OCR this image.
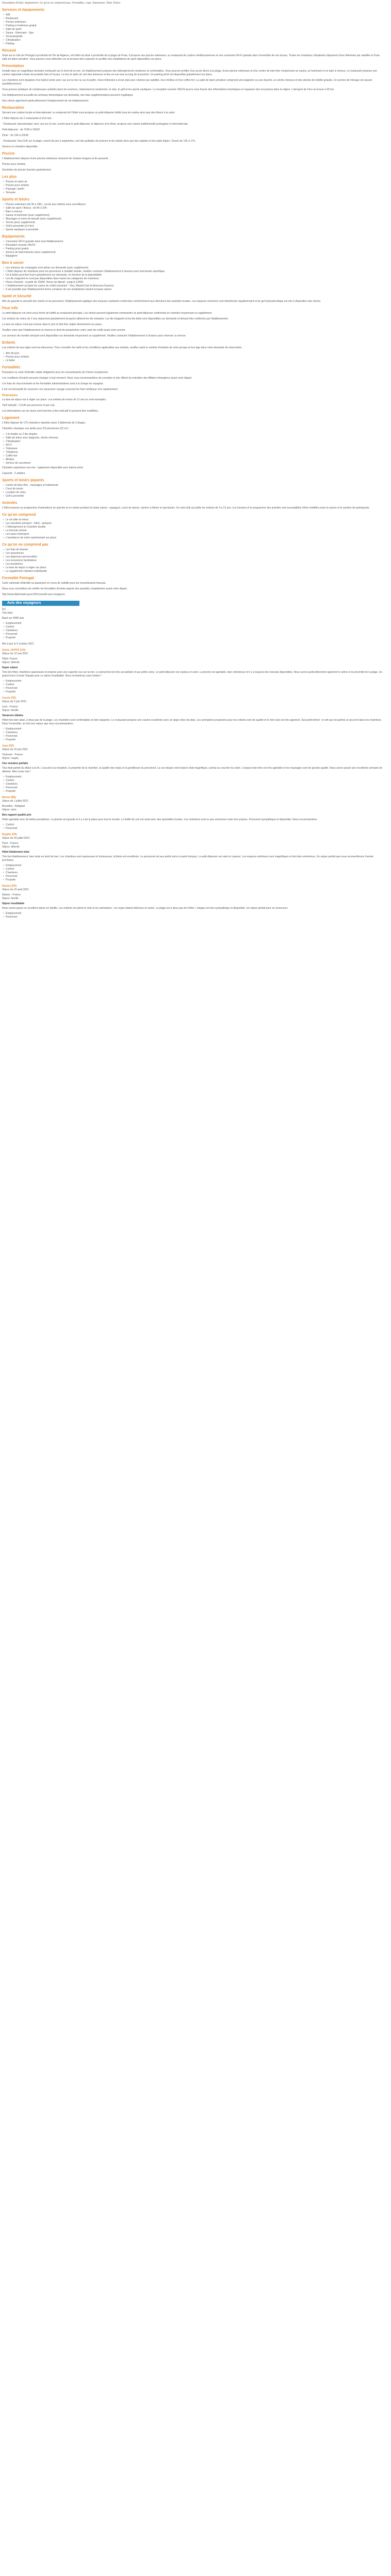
Description d'hotel, équipement, Ce qu'on ne comprend pas, Formalités, Logo, Impression, Note: Entrer
Services et équipements
• Wifi
• Restaurant
• Piscine extérieure
• Parking à l'extérieur gratuit
• Salle de sport
• Sauna - Hammam - Spa
• Terrasse/jardin
• Climatisation
• Parking
Résumé

Situé sur la côte de Portugal à proximité de l'île de Algarve, cet hôtel est situé à proximité de la plage de Praia. Il propose une piscine extérieure, un restaurant de cuisine méditerranéenne et une connexion Wi-Fi gratuite dans l'ensemble de ses locaux. Toutes les chambres climatisées disposent d'une télévision par satellite et d'une salle de bains privative. Vous pourrez vous détendre sur la terrasse bien exposée ou profiter des installations de sport disponibles sur place.

Présentation

Installé dans un magnifique domaine verdoyant sur le bord de la mer, cet établissement propose des hébergements modernes et confortables. Vous pourrez profiter d'un accès direct à la plage, d'une piscine extérieure et d'un centre de bien-être comprenant un sauna, un hammam et un bain à remous. Le restaurant propose une cuisine régionale à base de produits frais et locaux. Le bar en plein air sert des boissons et des en-cas tout au long de la journée. Un parking privé est disponible gratuitement sur place.

Les chambres sont équipées d'un balcon privé avec vue sur la mer ou sur le jardin, d'une télévision à écran plat avec chaînes par satellite, d'un minibar et d'un coffre-fort. La salle de bains privative comprend une baignoire ou une douche, un sèche-cheveux et des articles de toilette gratuits. Un service de ménage est assuré quotidiennement.

Vous pourrez pratiquer de nombreuses activités dans les environs, notamment la randonnée, le vélo, le golf et les sports nautiques. La réception ouverte 24h/24 pourra vous fournir des informations touristiques et organiser des excursions dans la région. L'aéroport de Faro se trouve à 45 km.

Cet établissement accueille les animaux domestiques sur demande, des frais supplémentaires peuvent s'appliquer.

Nos clients apprécient particulièrement l'emplacement de cet établissement.

Restauration

Servant une cuisine locale et internationale, le restaurant de l'hôtel vous propose un petit-déjeuner buffet tous les matins ainsi que des dîners à la carte.

L'hôtel dispose de 2 restaurants et d'un bar :

- Restaurant 'panoramique' avec vue sur la mer, ouvert pour le petit-déjeuner, le déjeuner et le dîner, propose une cuisine traditionnelle portugaise et internationale.

Petit-déjeuner : de 7h30 à 10h30

Dîner : de 19h à 22h30

- Restaurant 'Sea Grill' sur la plage, ouvert de juin à septembre, sert des grillades de poisson et de viande ainsi que des salades et des plats légers. Ouvert de 12h à 17h.

Service en chambre disponible.

Piscine

L'établissement dispose d'une piscine extérieure entourée de chaises longues et de parasols.

Piscine pour enfants.

Serviettes de piscine fournies gratuitement.

Les plus
• Piscine en plein air
• Piscine pour enfants
• Paysage / jardin
• Terrasse
Sports et loisirs
• Piscine extérieure (de 9h à 19h) : accès aux enfants sous surveillance
• Salle de sport / fitness : de 8h à 20h
• Bain à remous
• Sauna et hammam (avec supplément)
• Massages et soins de beauté (avec supplément)
• Tennis (avec supplément)
• Golf à proximité (à 5 km)
• Sports nautiques à proximité
Équipements
• Connexion Wi-Fi gratuite dans tout l'établissement
• Réception ouverte 24h/24
• Parking privé gratuit
• Service de blanchisserie (avec supplément)
• Bagagerie
Bon à savoir
• Les animaux de compagnie sont admis sur demande (avec supplément).
• L'hôtel dispose de chambres pour les personnes à mobilité réduite. Veuillez contacter l'établissement à l'avance pour tout besoin spécifique.
• Un lit bébé peut être fourni gratuitement sur demande, en fonction de la disponibilité.
• Les lits d'appoint ne sont pas disponibles dans toutes les catégories de chambres.
• Heure d'arrivée : à partir de 15h00. Heure de départ : jusqu'à 12h00.
• L'établissement accepte les cartes de crédit suivantes : Visa, MasterCard et American Express.
• Il est possible que l'établissement ferme certaines de ses installations durant la basse saison.
Santé et Sécurité

Afin de garantir la sécurité des clients et du personnel, l'établissement applique des mesures sanitaires renforcées conformément aux directives des autorités locales. Les espaces communs sont désinfectés régulièrement et du gel hydroalcoolique est mis à disposition des clients.

Pour info

Le petit-déjeuner est servi sous forme de buffet au restaurant principal. Les clients peuvent également commander un petit-déjeuner continental en chambre moyennant un supplément.

Les enfants de moins de 2 ans séjournent gratuitement lorsqu'ils utilisent les lits existants. Les lits d'appoint et les lits bébé sont disponibles sur demande et doivent être confirmés par l'établissement.

La taxe de séjour n'est pas incluse dans le prix et doit être réglée directement sur place.

Veuillez noter que l'établissement se réserve le droit de préautoriser votre carte de crédit avant votre arrivée.

Les services de navette aéroport sont disponibles sur demande moyennant un supplément. Veuillez contacter l'établissement à l'avance pour réserver ce service.

Enfants

Les enfants de tous âges sont les bienvenus. Pour connaître les tarifs et les conditions applicables aux enfants, veuillez saisir le nombre d'enfants de votre groupe et leur âge dans votre demande de réservation.

• Aire de jeux
• Piscine pour enfants
• Lit bébé
Formalités

Passeport ou carte d'identité valide obligatoire pour les ressortissants de l'Union européenne.

Les conditions d'entrée peuvent changer à tout moment. Nous vous recommandons de consulter le site officiel du ministère des Affaires étrangères avant votre départ.

Les frais de visa éventuels et les formalités administratives sont à la charge du voyageur.

Il est recommandé de souscrire une assurance voyage couvrant les frais médicaux et le rapatriement.

Précisions

La taxe de séjour est à régler sur place. Les enfants de moins de 12 ans en sont exemptés.

Tarif indicatif : 2 EUR par personne et par nuit.

Les informations sur les taxes sont fournies à titre indicatif et peuvent être modifiées.

Logement

L'hôtel dispose de 175 chambres réparties dans 3 bâtiments de 3 étages.

Chambre classique vue jardin pour 2/3 personnes (22 m²) :

• 1 lit double ou 2 lits simples
• Salle de bains avec baignoire, sèche-cheveux
• Climatisation
• Wi-Fi
• Télévision
• Téléphone
• Coffre-fort
• Minibar
• Service de couverture

Chambre supérieure vue mer : également disponible avec balcon privé.

Capacité : 3 adultes.

Sports et loisirs payants
• Centre de bien-être - massages et traitements
• Court de tennis
• Location de vélos
• Golf à proximité
Activités

L'hôtel propose un programme d'animations en journée et en soirée pendant la haute saison : aquagym, cours de danse, soirées à thème et spectacles. Un mini-club accueille les enfants de 4 à 12 ans. Les horaires et le programme des activités sont susceptibles d'être modifiés selon la saison et le nombre de participants.

Ce qu'on comprend
• Le vol aller et retour
• Les transferts aéroport - hôtel - aéroport
• L'hébergement en chambre double
• La formule choisie
• Les taxes d'aéroport
• L'assistance de notre représentant sur place
Ce qu'on ne comprend pas
• Les frais de dossier
• Les assurances
• Les dépenses personnelles
• Les excursions facultatives
• Les pourboires
• La taxe de séjour à régler sur place
• Le supplément chambre individuelle
Formalité Portugal

Carte nationale d'identité ou passeport en cours de validité pour les ressortissants français.

Nous vous conseillons de vérifier les formalités d'entrée auprès des autorités compétentes avant votre départ.

http://www.diplomatie.gouv.fr/fr/conseils-aux-voyageurs

Avis des voyageurs
8,6
Très bien
Basé sur 4996 avis
• Emplacement
• Confort
• Chambres
• Personnel
• Propreté
Mis à jour le 5 octobre 2021
Sylvie JAFIFR (CN)
Séjour du 12 mai 2021
Hôtel: France
Séjour: détente
Super séjour
Très bel hôtel, chambres spacieuses et propres avec une superbe vue sur la mer. Le personnel est très accueillant et aux petits soins. Le petit-déjeuner est copieux et varié. La piscine est agréable, bien entretenue et il y a toujours des transats disponibles. Nous avons particulièrement apprécié le calme et la proximité de la plage. Un grand merci à toute l'équipe pour ce séjour inoubliable. Nous reviendrons sans hésiter !
• Emplacement
• Confort
• Personnel
• Propreté
Carole (FR)
Séjour du 2 juin 2021
Lyon - France
Séjour: famille
Vacances idéales
Hôtel très bien situé, à deux pas de la plage. Les chambres sont confortables et bien équipées. Le restaurant propose une cuisine excellente avec un large choix de plats. Les animations proposées pour les enfants sont de qualité et le mini-club est très apprécié. Seul petit bémol : le wifi qui est parfois un peu lent dans les chambres. Dans l'ensemble, un très bon séjour que nous recommandons.
• Emplacement
• Chambres
• Personnel
• Propreté
Jean (FR)
Séjour du 15 juin 2021
Toulouse - France
Séjour: couple
Une semaine parfaite
Tout était parfait du début à la fin. L'accueil à la réception, la propreté de la chambre, la qualité des repas et la gentillesse du personnel. La vue depuis notre balcon était magnifique, surtout au coucher du soleil. L'espace bien-être est très agréable et les massages sont de grande qualité. Nous avons passé une excellente semaine de détente. Merci pour tout !
• Emplacement
• Confort
• Chambres
• Personnel
• Propreté
Michel (BE)
Séjour du 1 juillet 2021
Bruxelles - Belgique
Séjour: amis
Bon rapport qualité prix
Hôtel agréable avec de belles prestations. La piscine est grande et il y a de la place pour tout le monde. Le buffet du soir est varié avec des spécialités locales. Les chambres sont un peu anciennes mais très propres. Personnel sympathique et disponible. Nous recommandons.
• Confort
• Personnel
Brigitte (FR)
Séjour du 20 juillet 2021
Paris - France
Séjour: détente
Hôtel idéalement situé
Très bel établissement, bien situé en bord de mer. Les chambres sont spacieuses et lumineuses, la literie est excellente. Le personnel est aux petits soins et parle français. Le petit-déjeuner est varié et copieux. Les espaces extérieurs sont magnifiques et très bien entretenus. Un séjour parfait que nous renouvellerons l'année prochaine.
• Emplacement
• Confort
• Chambres
• Personnel
• Propreté
Sandra (FR)
Séjour du 10 août 2021
Nantes - France
Séjour: famille
Séjour inoubliable
Nous avons passé un excellent séjour en famille. Les enfants ont adoré le club et les animations. Les repas étaient délicieux et variés. La plage est à deux pas de l'hôtel. L'équipe est très sympathique et disponible. Un séjour parfait pour se ressourcer.
• Emplacement
• Personnel
